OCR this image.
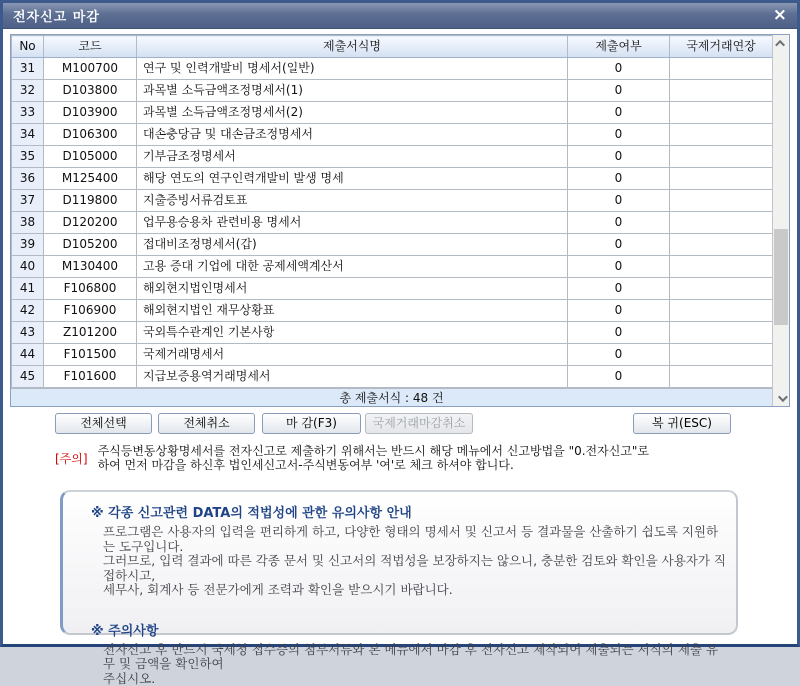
전자신고 마감	×
No	코드	제출서식명	제출여부	국제거래연장
31	M100700	연구 및 인력개발비 명세서(일반)	0	
32	D103800	과목별 소득금액조정명세서(1)	0	
33	D103900	과목별 소득금액조정명세서(2)	0	
34	D106300	대손충당금 및 대손금조정명세서	0	
35	D105000	기부금조정명세서	0	
36	M125400	해당 연도의 연구인력개발비 발생 명세	0	
37	D119800	지출증빙서류검토표	0	
38	D120200	업무용승용차 관련비용 명세서	0	
39	D105200	접대비조정명세서(갑)	0	
40	M130400	고용 증대 기업에 대한 공제세액계산서	0	
41	F106800	해외현지법인명세서	0	
42	F106900	해외현지법인 재무상황표	0	
43	Z101200	국외특수관계인 기본사항	0	
44	F101500	국제거래명세서	0	
45	F101600	지급보증용역거래명세서	0	
총 제출서식 : 48 건
전체선택	전체취소	마 감(F3)	국제거래마감취소	복 귀(ESC)
[주의]
주식등변동상황명세서를 전자신고로 제출하기 위해서는 반드시 해당 메뉴에서 신고방법을 "0.전자신고"로
하여 먼저 마감을 하신후 법인세신고서-주식변동여부 '여'로 체크 하셔야 합니다.
※ 각종 신고관련 DATA의 적법성에 관한 유의사항 안내
프로그램은 사용자의 입력을 편리하게 하고, 다양한 형태의 명세서 및 신고서 등 결과물을 산출하기 쉽도록 지원하는 도구입니다.
그러므로, 입력 결과에 따른 각종 문서 및 신고서의 적법성을 보장하지는 않으니, 충분한 검토와 확인을 사용자가 직접하시고,
세무사, 회계사 등 전문가에게 조력과 확인을 받으시기 바랍니다.
※ 주의사항
전자신고 후 반드시 국세청 접수증의 첨부서류와 본 메뉴에서 마감 후 전자신고 제작되어 제출되는 서식의 제출 유무 및 금액을 확인하여
주십시오.
